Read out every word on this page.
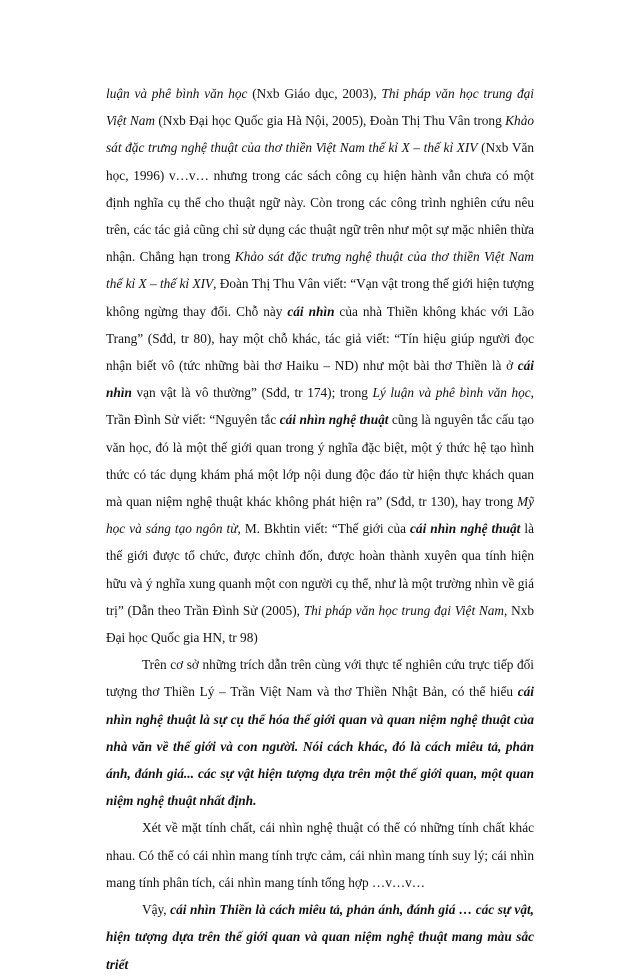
luận và phê bình văn học (Nxb Giáo dục, 2003), Thi pháp văn học trung đại Việt Nam (Nxb Đại học Quốc gia Hà Nội, 2005), Đoàn Thị Thu Vân trong Khảo sát đặc trưng nghệ thuật của thơ thiền Việt Nam thế kỉ X – thế kỉ XIV (Nxb Văn học, 1996) v…v… nhưng trong các sách công cụ hiện hành vẫn chưa có một định nghĩa cụ thể cho thuật ngữ này. Còn trong các công trình nghiên cứu nêu trên, các tác giả cũng chỉ sử dụng các thuật ngữ trên như một sự mặc nhiên thừa nhận. Chẳng hạn trong Khảo sát đặc trưng nghệ thuật của thơ thiền Việt Nam thế kỉ X – thế kỉ XIV, Đoàn Thị Thu Vân viết: “Vạn vật trong thế giới hiện tượng không ngừng thay đổi. Chỗ này cái nhìn của nhà Thiền không khác với Lão Trang” (Sđd, tr 80), hay một chỗ khác, tác giả viết: “Tín hiệu giúp người đọc nhận biết vô (tức những bài thơ Haiku – ND) như một bài thơ Thiền là ở cái nhìn vạn vật là vô thường” (Sđd, tr 174); trong Lý luận và phê bình văn học, Trần Đình Sử viết: “Nguyên tắc cái nhìn nghệ thuật cũng là nguyên tắc cấu tạo văn học, đó là một thế giới quan trong ý nghĩa đặc biệt, một ý thức hệ tạo hình thức có tác dụng khám phá một lớp nội dung độc đáo từ hiện thực khách quan mà quan niệm nghệ thuật khác không phát hiện ra” (Sđd, tr 130), hay trong Mỹ học và sáng tạo ngôn từ, M. Bkhtin viết: “Thế giới của cái nhìn nghệ thuật là thế giới được tổ chức, được chỉnh đốn, được hoàn thành xuyên qua tính hiện hữu và ý nghĩa xung quanh một con người cụ thể, như là một trường nhìn về giá trị” (Dẫn theo Trần Đình Sử (2005), Thi pháp văn học trung đại Việt Nam, Nxb Đại học Quốc gia HN, tr 98)

Trên cơ sở những trích dẫn trên cùng với thực tế nghiên cứu trực tiếp đối tượng thơ Thiền Lý – Trần Việt Nam và thơ Thiền Nhật Bản, có thể hiểu cái nhìn nghệ thuật là sự cụ thể hóa thế giới quan và quan niệm nghệ thuật của nhà văn về thế giới và con người. Nói cách khác, đó là cách miêu tả, phản ánh, đánh giá... các sự vật hiện tượng dựa trên một thế giới quan, một quan niệm nghệ thuật nhất định.

Xét về mặt tính chất, cái nhìn nghệ thuật có thể có những tính chất khác nhau. Có thể có cái nhìn mang tính trực cảm, cái nhìn mang tính suy lý; cái nhìn mang tính phân tích, cái nhìn mang tính tổng hợp …v…v…

Vậy, cái nhìn Thiền là cách miêu tả, phản ánh, đánh giá … các sự vật, hiện tượng dựa trên thế giới quan và quan niệm nghệ thuật mang màu sắc triết
